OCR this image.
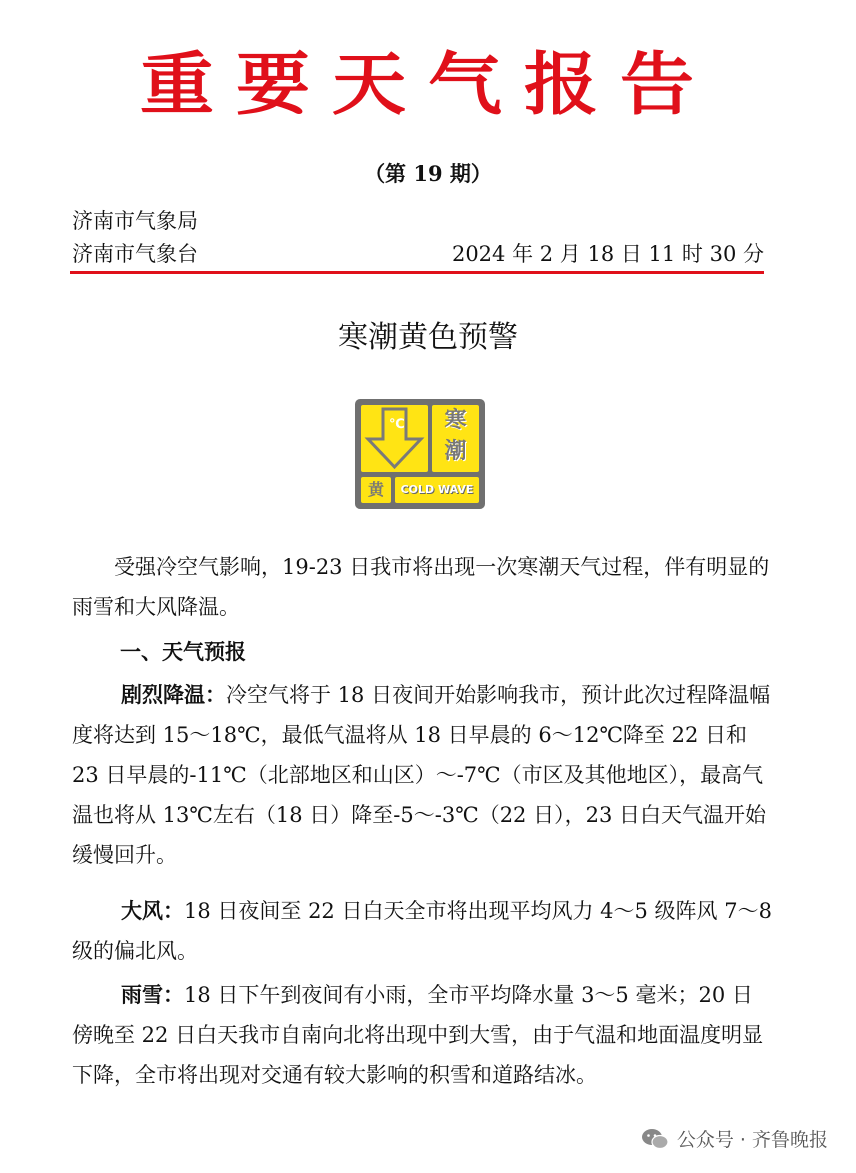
重要天气报告
（第 19 期）
济南市气象局
济南市气象台	2024 年 2 月 18 日 11 时 30 分
寒潮黄色预警
℃	寒
潮
黄	COLD WAVE

受强冷空气影响，19-23 日我市将出现一次寒潮天气过程，伴有明显的雨雪和大风降温。

一、天气预报

剧烈降温：冷空气将于 18 日夜间开始影响我市，预计此次过程降温幅度将达到 15～18℃，最低气温将从 18 日早晨的 6～12℃降至 22 日和 23 日早晨的-11℃（北部地区和山区）～-7℃（市区及其他地区），最高气温也将从 13℃左右（18 日）降至-5～-3℃（22 日），23 日白天气温开始缓慢回升。

大风：18 日夜间至 22 日白天全市将出现平均风力 4～5 级阵风 7～8 级的偏北风。

雨雪：18 日下午到夜间有小雨，全市平均降水量 3～5 毫米；20 日傍晚至 22 日白天我市自南向北将出现中到大雪，由于气温和地面温度明显下降，全市将出现对交通有较大影响的积雪和道路结冰。

公众号 · 齐鲁晚报
